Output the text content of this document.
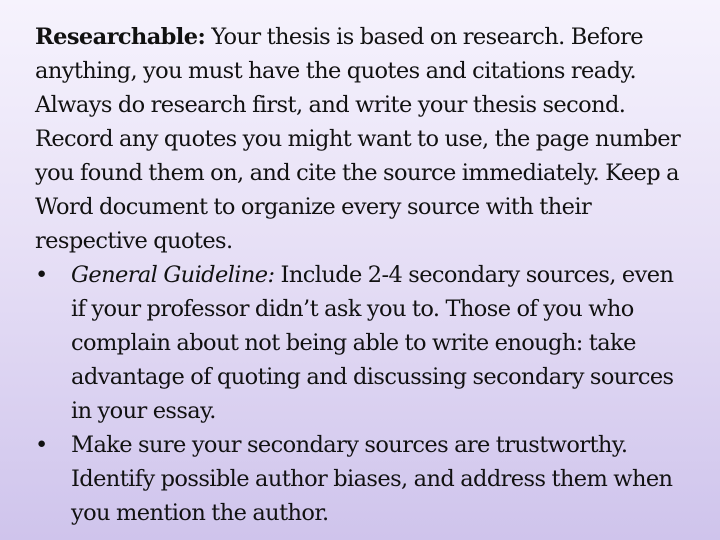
Researchable: Your thesis is based on research. Before anything, you must have the quotes and citations ready. Always do research first, and write your thesis second. Record any quotes you might want to use, the page number you found them on, and cite the source immediately. Keep a Word document to organize every source with their respective quotes.

• General Guideline: Include 2-4 secondary sources, even if your professor didn’t ask you to. Those of you who complain about not being able to write enough: take advantage of quoting and discussing secondary sources in your essay.
• Make sure your secondary sources are trustworthy. Identify possible author biases, and address them when you mention the author.
